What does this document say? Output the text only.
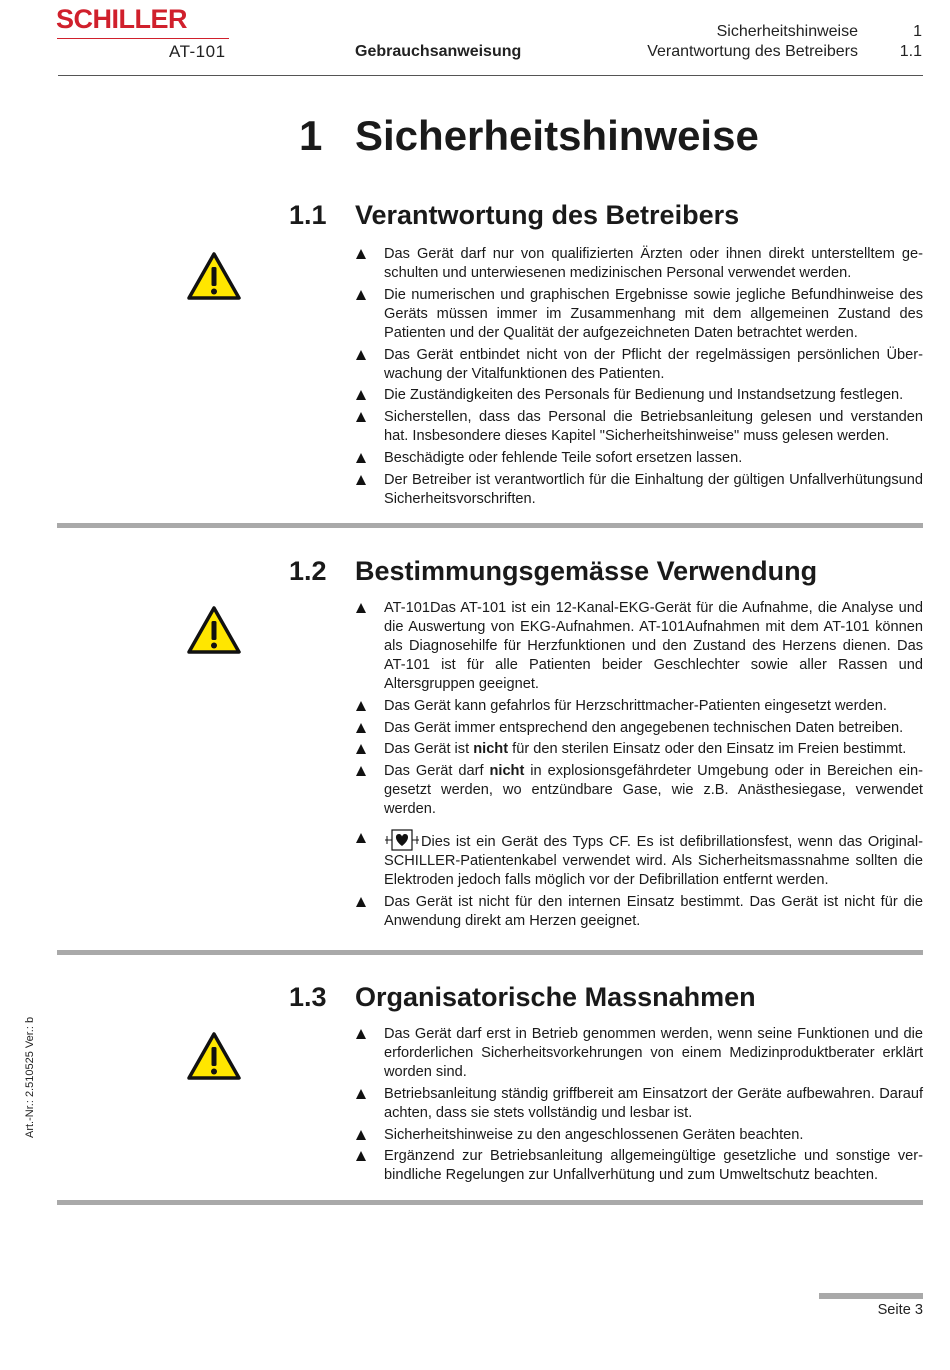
SCHILLER
AT-101	Gebrauchsanweisung
Sicherheitshinweise	1
Verantwortung des Betreibers	1.1
1 Sicherheitshinweise
1.1 Verantwortung des Betreibers
Das Gerät darf nur von qualifizierten Ärzten oder ihnen direkt unterstelltem geschulten und unterwiesenen medizinischen Personal verwendet werden.
Die numerischen und graphischen Ergebnisse sowie jegliche Befundhinweise des Geräts müssen immer im Zusammenhang mit dem allgemeinen Zustand des Patienten und der Qualität der aufgezeichneten Daten betrachtet werden.
Das Gerät entbindet nicht von der Pflicht der regelmässigen persönlichen Überwachung der Vitalfunktionen des Patienten.
Die Zuständigkeiten des Personals für Bedienung und Instandsetzung festlegen.
Sicherstellen, dass das Personal die Betriebsanleitung gelesen und verstanden hat. Insbesondere dieses Kapitel "Sicherheitshinweise" muss gelesen werden.
Beschädigte oder fehlende Teile sofort ersetzen lassen.
Der Betreiber ist verantwortlich für die Einhaltung der gültigen Unfallverhütungsund Sicherheitsvorschriften.
1.2 Bestimmungsgemässe Verwendung
AT-101Das AT-101 ist ein 12-Kanal-EKG-Gerät für die Aufnahme, die Analyse und die Auswertung von EKG-Aufnahmen. AT-101Aufnahmen mit dem AT-101 können als Diagnosehilfe für Herzfunktionen und den Zustand des Herzens dienen. Das AT-101 ist für alle Patienten beider Geschlechter sowie aller Rassen und Altersgruppen geeignet.
Das Gerät kann gefahrlos für Herzschrittmacher-Patienten eingesetzt werden.
Das Gerät immer entsprechend den angegebenen technischen Daten betreiben.
Das Gerät ist nicht für den sterilen Einsatz oder den Einsatz im Freien bestimmt.
Das Gerät darf nicht in explosionsgefährdeter Umgebung oder in Bereichen eingesetzt werden, wo entzündbare Gase, wie z.B. Anästhesiegase, verwendet werden.
Dies ist ein Gerät des Typs CF. Es ist defibrillationsfest, wenn das Original-SCHILLER-Patientenkabel verwendet wird. Als Sicherheitsmassnahme sollten die Elektroden jedoch falls möglich vor der Defibrillation entfernt werden.
Das Gerät ist nicht für den internen Einsatz bestimmt. Das Gerät ist nicht für die Anwendung direkt am Herzen geeignet.
1.3 Organisatorische Massnahmen
Das Gerät darf erst in Betrieb genommen werden, wenn seine Funktionen und die erforderlichen Sicherheitsvorkehrungen von einem Medizinproduktberater erklärt worden sind.
Betriebsanleitung ständig griffbereit am Einsatzort der Geräte aufbewahren. Darauf achten, dass sie stets vollständig und lesbar ist.
Sicherheitshinweise zu den angeschlossenen Geräten beachten.
Ergänzend zur Betriebsanleitung allgemeingültige gesetzliche und sonstige verbindliche Regelungen zur Unfallverhütung und zum Umweltschutz beachten.
Art.-Nr.: 2.510525 Ver.: b
Seite 3
